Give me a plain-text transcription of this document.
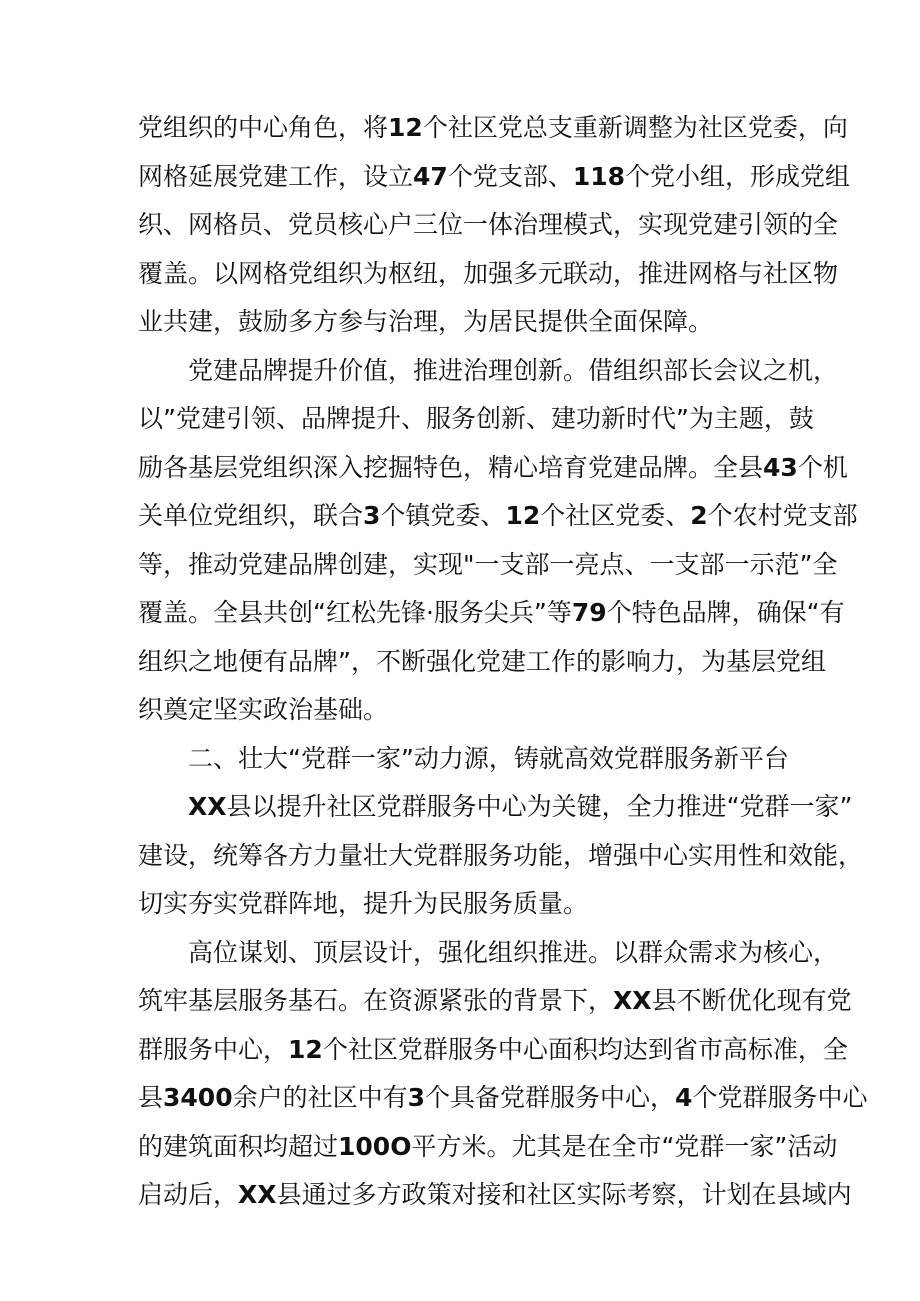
党组织的中心角色，将12个社区党总支重新调整为社区党委，向
网格延展党建工作，设立47个党支部、118个党小组，形成党组
织、网格员、党员核心户三位一体治理模式，实现党建引领的全
覆盖。以网格党组织为枢纽，加强多元联动，推进网格与社区物
业共建，鼓励多方参与治理，为居民提供全面保障。
党建品牌提升价值，推进治理创新。借组织部长会议之机，
以”党建引领、品牌提升、服务创新、建功新时代”为主题，鼓
励各基层党组织深入挖掘特色，精心培育党建品牌。全县43个机
关单位党组织，联合3个镇党委、12个社区党委、2个农村党支部
等，推动党建品牌创建，实现"一支部一亮点、一支部一示范”全
覆盖。全县共创“红松先锋·服务尖兵”等79个特色品牌，确保“有
组织之地便有品牌”，不断强化党建工作的影响力，为基层党组
织奠定坚实政治基础。
二、壮大“党群一家”动力源，铸就高效党群服务新平台
XX县以提升社区党群服务中心为关键，全力推进“党群一家”
建设，统筹各方力量壮大党群服务功能，增强中心实用性和效能，
切实夯实党群阵地，提升为民服务质量。
高位谋划、顶层设计，强化组织推进。以群众需求为核心，
筑牢基层服务基石。在资源紧张的背景下，XX县不断优化现有党
群服务中心，12个社区党群服务中心面积均达到省市高标准，全
县3400余户的社区中有3个具备党群服务中心，4个党群服务中心
的建筑面积均超过100O平方米。尤其是在全市“党群一家”活动
启动后，XX县通过多方政策对接和社区实际考察，计划在县域内
